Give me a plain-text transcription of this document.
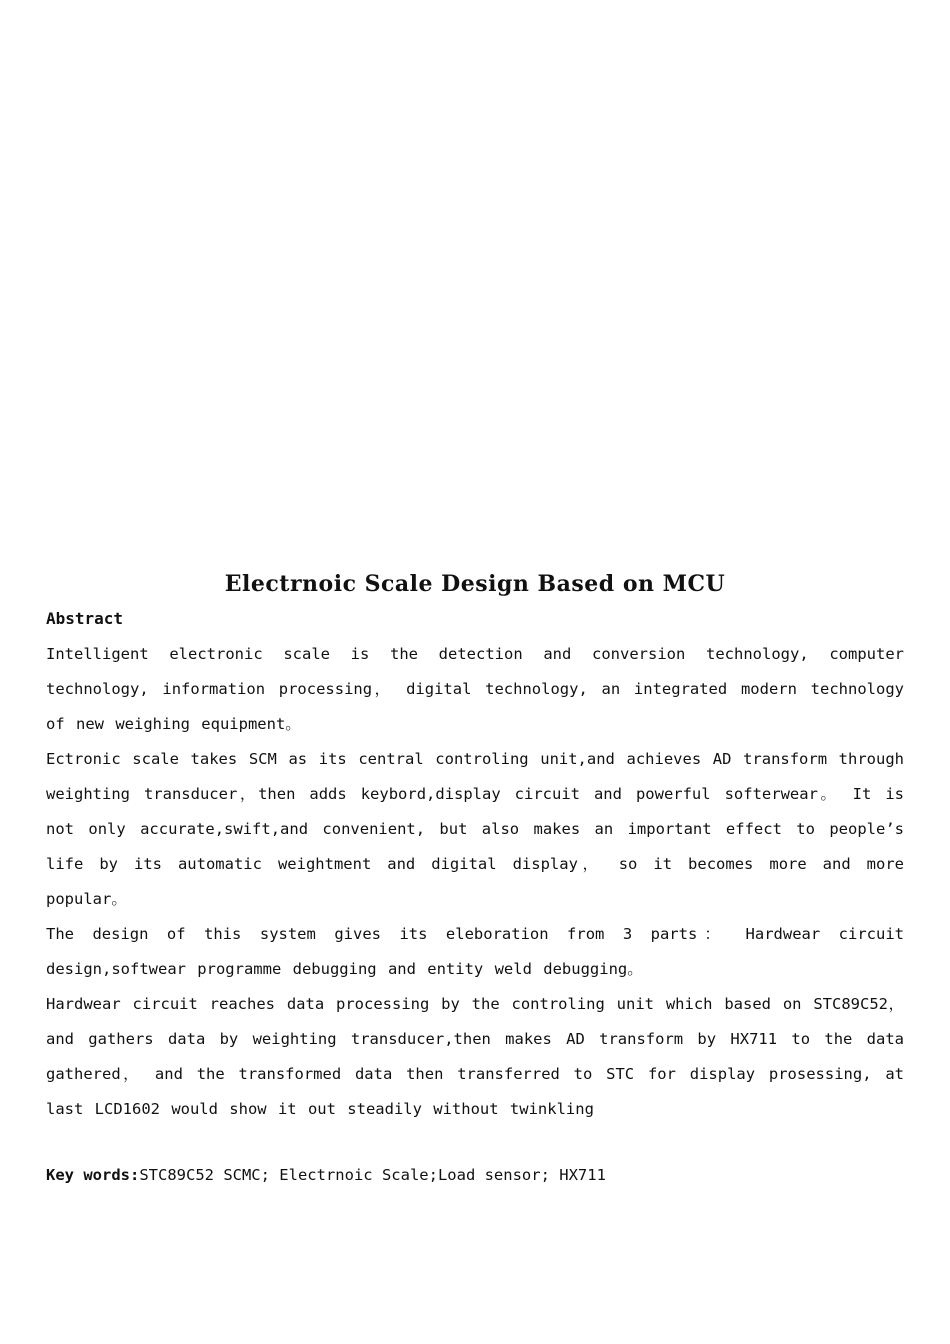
Electrnoic Scale Design Based on MCU
Abstract

Intelligent electronic scale is the detection and conversion technology, computer technology, information processing， digital technology, an integrated modern technology of new weighing equipment。

Ectronic scale takes SCM as its central controling unit,and achieves AD transform through weighting transducer，then adds keybord,display circuit and powerful softerwear。 It is not only accurate,swift,and convenient, but also makes an important effect to people’s life by its automatic weightment and digital display， so it becomes more and more popular。

The design of this system gives its eleboration from 3 parts： Hardwear circuit design,softwear programme debugging and entity weld debugging。

Hardwear circuit reaches data processing by the controling unit which based on STC89C52，and gathers data by weighting transducer,then makes AD transform by HX711 to the data gathered， and the transformed data then transferred to STC for display prosessing, at last LCD1602 would show it out steadily without twinkling

Key words:STC89C52 SCMC; Electrnoic Scale;Load sensor; HX711
